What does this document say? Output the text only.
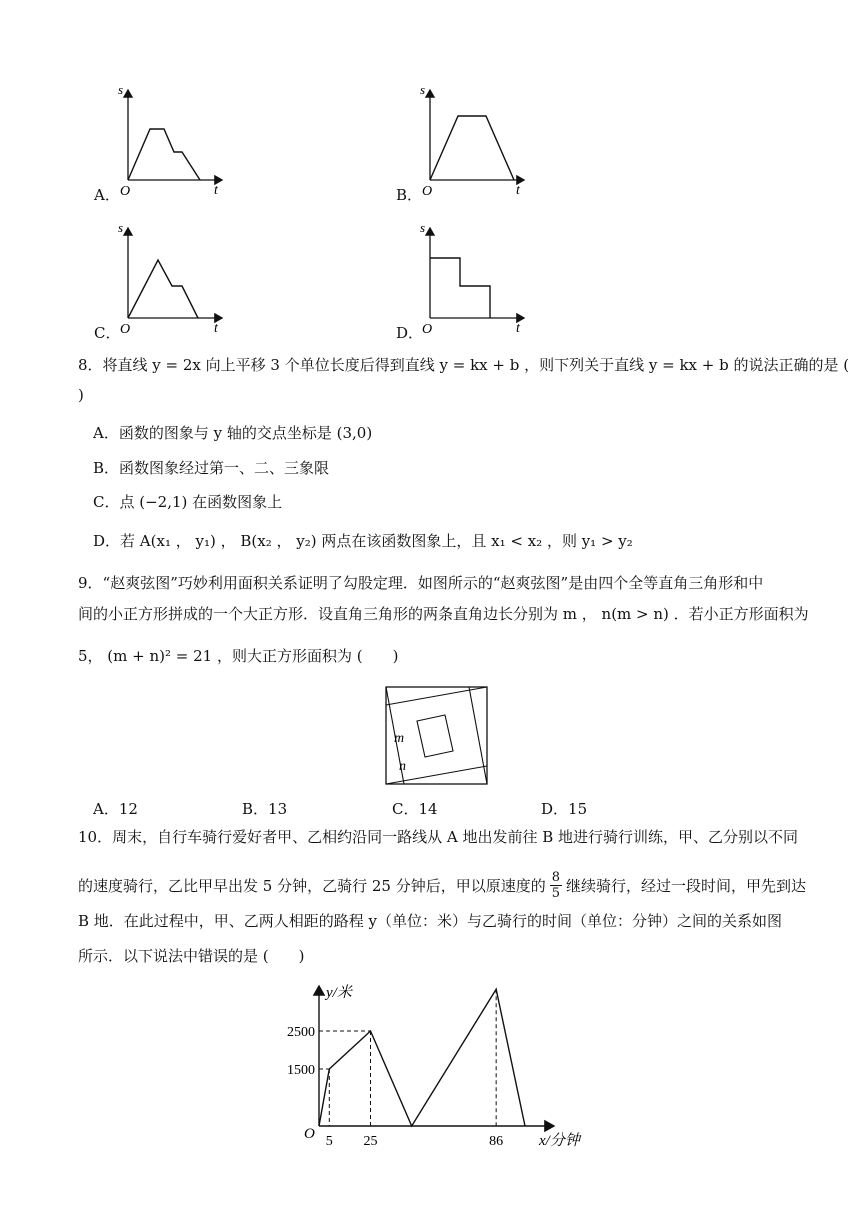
A．
s
O	t	B．
s
O	t
C．
s
O	t	D．
s
O	t
8．将直线 y = 2x 向上平移 3 个单位长度后得到直线 y = kx + b ，则下列关于直线 y = kx + b 的说法正确的是 (
)
A．函数的图象与 y 轴的交点坐标是 (3,0)
B．函数图象经过第一、二、三象限
C．点 (−2,1) 在函数图象上
D．若 A(x₁ ， y₁) ， B(x₂ ， y₂) 两点在该函数图象上，且 x₁ < x₂ ，则 y₁ > y₂
9．“赵爽弦图”巧妙利用面积关系证明了勾股定理．如图所示的“赵爽弦图”是由四个全等直角三角形和中
间的小正方形拼成的一个大正方形．设直角三角形的两条直角边长分别为 m ， n(m > n) ．若小正方形面积为
5， (m + n)² = 21 ，则大正方形面积为 (　　)
m
n
A．12	B．13	C．14	D．15
10．周末，自行车骑行爱好者甲、乙相约沿同一路线从 A 地出发前往 B 地进行骑行训练，甲、乙分别以不同
的速度骑行，乙比甲早出发 5 分钟，乙骑行 25 分钟后，甲以原速度的 $\frac{8}{5}$ 继续骑行，经过一段时间，甲先到达
B 地．在此过程中，甲、乙两人相距的路程 y（单位：米）与乙骑行的时间（单位：分钟）之间的关系如图
所示．以下说法中错误的是 (　　)
y/米
x/分钟
O 5 25	86
1500
2500
